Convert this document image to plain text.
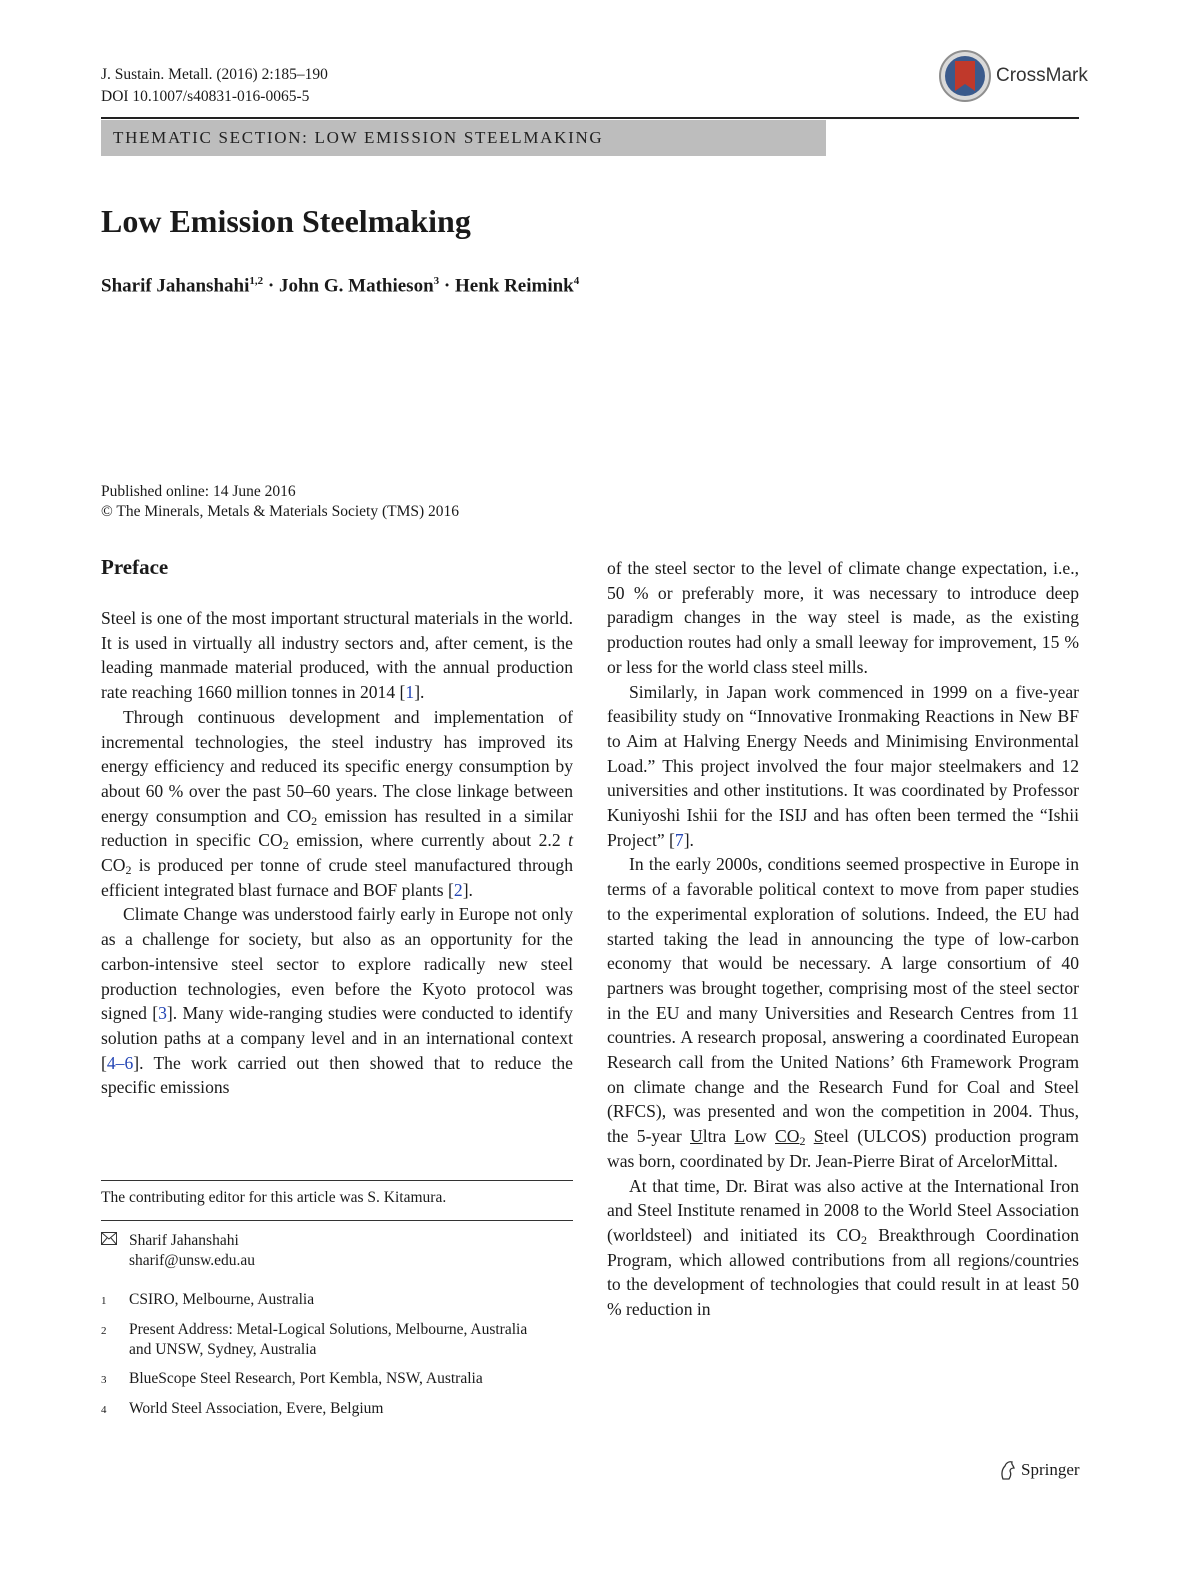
J. Sustain. Metall. (2016) 2:185–190
DOI 10.1007/s40831-016-0065-5
CrossMark
THEMATIC SECTION: LOW EMISSION STEELMAKING
Low Emission Steelmaking
Sharif Jahanshahi$^{1,2}$ · John G. Mathieson$^3$ · Henk Reimink$^4$
Published online: 14 June 2016
© The Minerals, Metals & Materials Society (TMS) 2016
Preface

Steel is one of the most important structural materials in the world. It is used in virtually all industry sectors and, after cement, is the leading manmade material produced, with the annual production rate reaching 1660 million tonnes in 2014 [1].

Through continuous development and implementation of incremental technologies, the steel industry has improved its energy efficiency and reduced its specific energy consumption by about 60 % over the past 50–60 years. The close linkage between energy consumption and $CO_2$ emission has resulted in a similar reduction in specific $CO_2$ emission, where currently about 2.2 t $CO_2$ is produced per tonne of crude steel manufactured through efficient integrated blast furnace and BOF plants [2].

Climate Change was understood fairly early in Europe not only as a challenge for society, but also as an opportunity for the carbon-intensive steel sector to explore radically new steel production technologies, even before the Kyoto protocol was signed [3]. Many wide-ranging studies were conducted to identify solution paths at a company level and in an international context [4–6]. The work carried out then showed that to reduce the specific emissions

of the steel sector to the level of climate change expectation, i.e., 50 % or preferably more, it was necessary to introduce deep paradigm changes in the way steel is made, as the existing production routes had only a small leeway for improvement, 15 % or less for the world class steel mills.

Similarly, in Japan work commenced in 1999 on a five-year feasibility study on “Innovative Ironmaking Reactions in New BF to Aim at Halving Energy Needs and Minimising Environmental Load.” This project involved the four major steelmakers and 12 universities and other institutions. It was coordinated by Professor Kuniyoshi Ishii for the ISIJ and has often been termed the “Ishii Project” [7].

In the early 2000s, conditions seemed prospective in Europe in terms of a favorable political context to move from paper studies to the experimental exploration of solutions. Indeed, the EU had started taking the lead in announcing the type of low-carbon economy that would be necessary. A large consortium of 40 partners was brought together, comprising most of the steel sector in the EU and many Universities and Research Centres from 11 countries. A research proposal, answering a coordinated European Research call from the United Nations’ 6th Framework Program on climate change and the Research Fund for Coal and Steel (RFCS), was presented and won the competition in 2004. Thus, the 5-year Ultra Low $CO_2$ Steel (ULCOS) production program was born, coordinated by Dr. Jean-Pierre Birat of ArcelorMittal.

At that time, Dr. Birat was also active at the International Iron and Steel Institute renamed in 2008 to the World Steel Association (worldsteel) and initiated its $CO_2$ Breakthrough Coordination Program, which allowed contributions from all regions/countries to the development of technologies that could result in at least 50 % reduction in

The contributing editor for this article was S. Kitamura.
Sharif Jahanshahi
sharif@unsw.edu.au
1	CSIRO, Melbourne, Australia
2	Present Address: Metal-Logical Solutions, Melbourne, Australia and UNSW, Sydney, Australia
3	BlueScope Steel Research, Port Kembla, NSW, Australia
4	World Steel Association, Evere, Belgium
Springer
